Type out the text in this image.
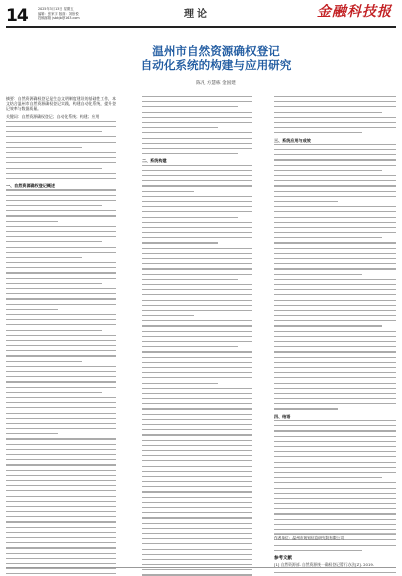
14	2025年3月13日 星期五
编辑：张家宇 版面：刘欣悦
投稿邮箱 jsbkjb@163.com	理论	金融科技报
温州市自然资源确权登记
自动化系统的构建与应用研究
陈凡 方慧栋 金国建
摘要：自然资源确权登记是生态文明制度建设的基础性工作，本文结合温州市自然资源确权登记实践，构建自动化系统，提升登记效率与数据质量。
关键词：自然资源确权登记；自动化系统；构建；应用
一、自然资源确权登记概述
二、系统构建
三、系统应用与成效
四、结语
参考文献
[1] 自然资源部. 自然资源统一确权登记暂行办法[Z]. 2019.
作者单位：温州市规划信息研究院有限公司
